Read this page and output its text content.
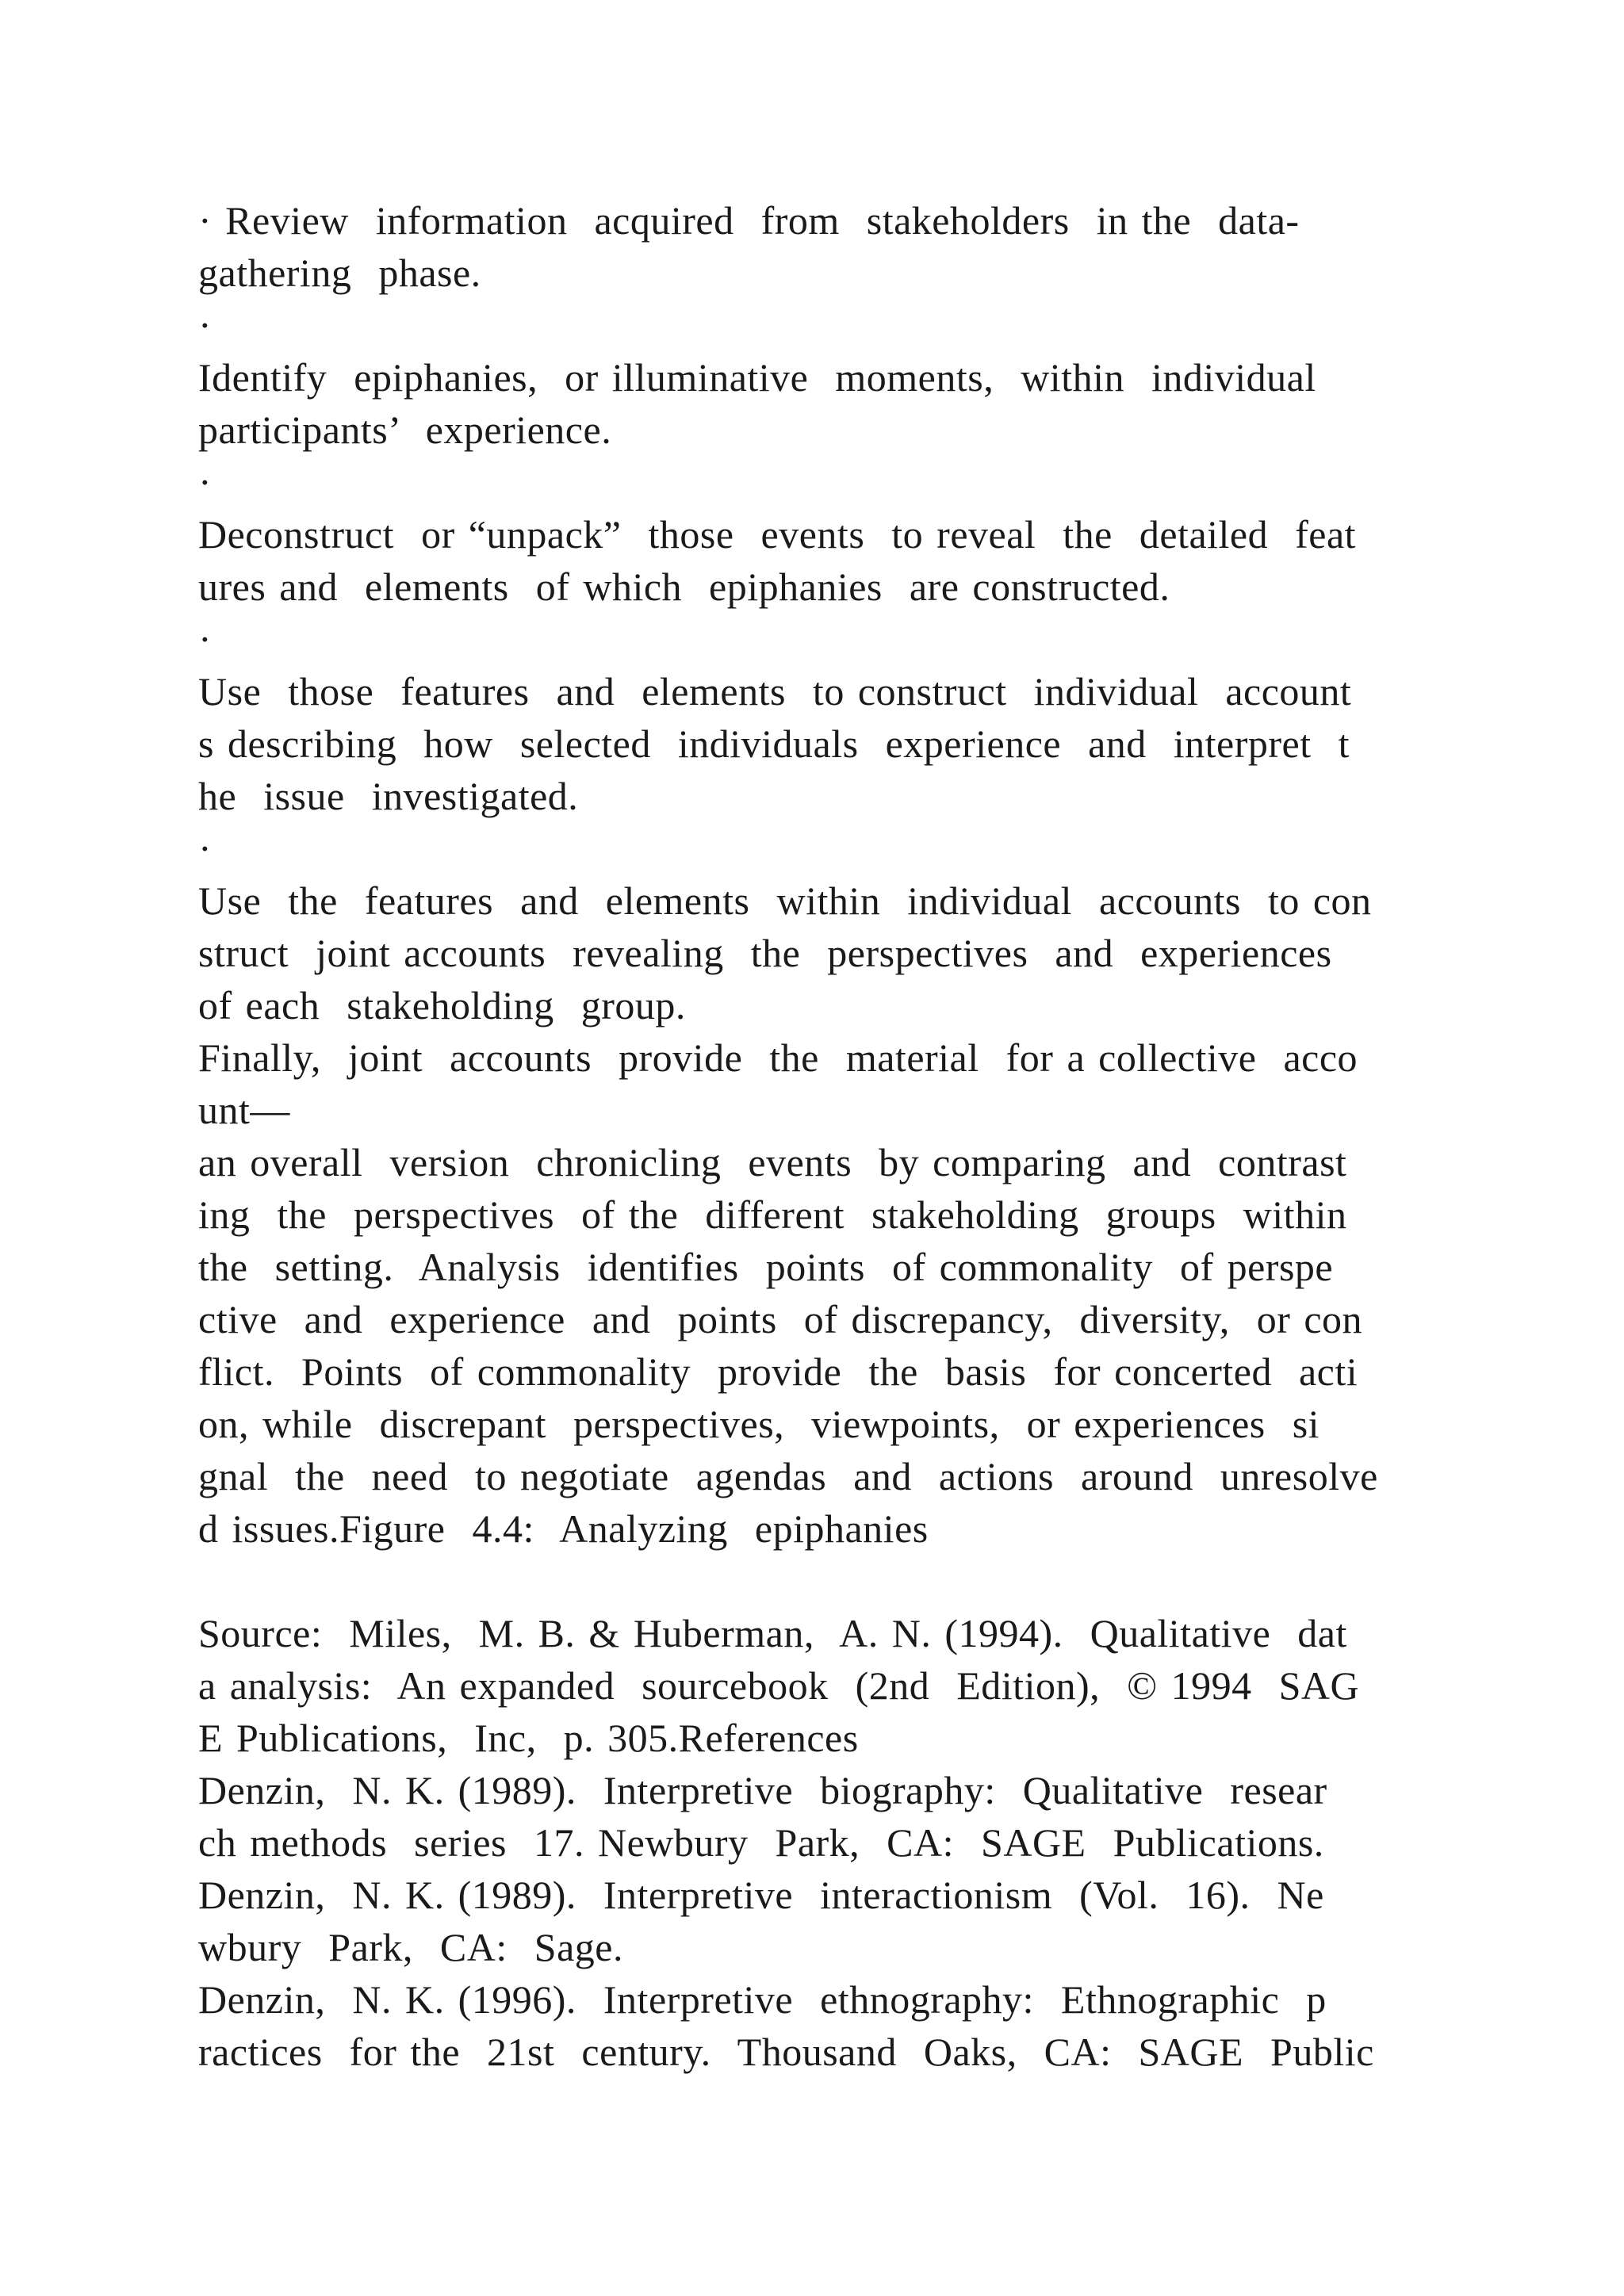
· Review  information  acquired  from  stakeholders  in the  data-
gathering  phase.
·
Identify  epiphanies,  or illuminative  moments,  within  individual
participants’  experience.
·
Deconstruct  or “unpack”  those  events  to reveal  the  detailed  feat
ures and  elements  of which  epiphanies  are constructed.
·
Use  those  features  and  elements  to construct  individual  account
s describing  how  selected  individuals  experience  and  interpret  t
he  issue  investigated.
·
Use  the  features  and  elements  within  individual  accounts  to con
struct  joint accounts  revealing  the  perspectives  and  experiences
of each  stakeholding  group.
Finally,  joint  accounts  provide  the  material  for a collective  acco
unt—
an overall  version  chronicling  events  by comparing  and  contrast
ing  the  perspectives  of the  different  stakeholding  groups  within
the  setting.  Analysis  identifies  points  of commonality  of perspe
ctive  and  experience  and  points  of discrepancy,  diversity,  or con
flict.  Points  of commonality  provide  the  basis  for concerted  acti
on, while  discrepant  perspectives,  viewpoints,  or experiences  si
gnal  the  need  to negotiate  agendas  and  actions  around  unresolve
d issues.Figure  4.4:  Analyzing  epiphanies
Source:  Miles,  M. B. & Huberman,  A. N. (1994).  Qualitative  dat
a analysis:  An expanded  sourcebook  (2nd  Edition),  © 1994  SAG
E Publications,  Inc,  p. 305.References
Denzin,  N. K. (1989).  Interpretive  biography:  Qualitative  resear
ch methods  series  17. Newbury  Park,  CA:  SAGE  Publications.
Denzin,  N. K. (1989).  Interpretive  interactionism  (Vol.  16).  Ne
wbury  Park,  CA:  Sage.
Denzin,  N. K. (1996).  Interpretive  ethnography:  Ethnographic  p
ractices  for the  21st  century.  Thousand  Oaks,  CA:  SAGE  Public
